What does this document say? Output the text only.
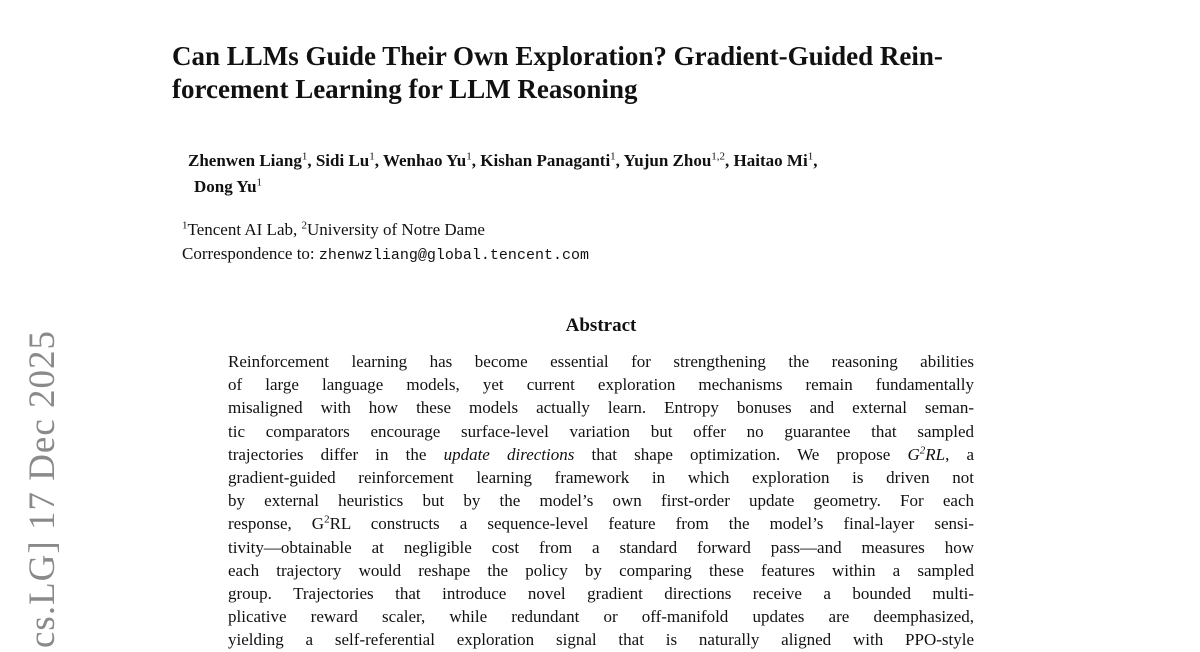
cs.LG] 17 Dec 2025
Can LLMs Guide Their Own Exploration? Gradient-Guided Rein-
forcement Learning for LLM Reasoning
Zhenwen Liang$^1$, Sidi Lu$^1$, Wenhao Yu$^1$, Kishan Panaganti$^1$, Yujun Zhou$^{1,2}$, Haitao Mi$^1$,
Dong Yu$^1$
$^1$Tencent AI Lab, $^2$University of Notre Dame
Correspondence to: zhenwzliang@global.tencent.com
Abstract
Reinforcement learning has become essential for strengthening the reasoning abilities
of large language models, yet current exploration mechanisms remain fundamentally
misaligned with how these models actually learn. Entropy bonuses and external seman-
tic comparators encourage surface-level variation but offer no guarantee that sampled
trajectories differ in the update directions that shape optimization. We propose $G^2RL$, a
gradient-guided reinforcement learning framework in which exploration is driven not
by external heuristics but by the model’s own first-order update geometry. For each
response, $G^2RL$ constructs a sequence-level feature from the model’s final-layer sensi-
tivity—obtainable at negligible cost from a standard forward pass—and measures how
each trajectory would reshape the policy by comparing these features within a sampled
group. Trajectories that introduce novel gradient directions receive a bounded multi-
plicative reward scaler, while redundant or off-manifold updates are deemphasized,
yielding a self-referential exploration signal that is naturally aligned with PPO-style
